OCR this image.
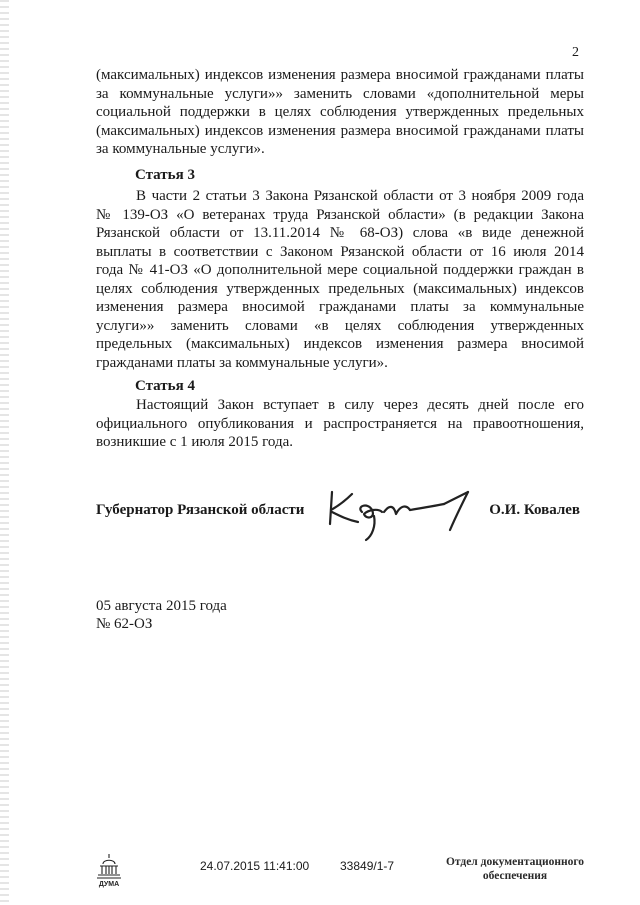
2
(максимальных) индексов изменения размера вносимой гражданами платы
за коммунальные услуги»» заменить словами «дополнительной меры
социальной поддержки в целях соблюдения утвержденных предельных
(максимальных) индексов изменения размера вносимой гражданами платы
за коммунальные услуги».
Статья 3
В части 2 статьи 3 Закона Рязанской области от 3 ноября 2009 года
№ 139-ОЗ «О ветеранах труда Рязанской области» (в редакции Закона
Рязанской области от 13.11.2014 № 68-ОЗ) слова «в виде денежной
выплаты в соответствии с Законом Рязанской области от 16 июля 2014
года № 41-ОЗ «О дополнительной мере социальной поддержки граждан в
целях соблюдения утвержденных предельных (максимальных) индексов
изменения размера вносимой гражданами платы за коммунальные
услуги»» заменить словами «в целях соблюдения утвержденных
предельных (максимальных) индексов изменения размера вносимой
гражданами платы за коммунальные услуги».
Статья 4
Настоящий Закон вступает в силу через десять дней после его
официального опубликования и распространяется на правоотношения,
возникшие с 1 июля 2015 года.
Губернатор Рязанской области	О.И. Ковалев
05 августа 2015 года
№ 62-ОЗ
ДУМА
24.07.2015 11:41:00	33849/1-7	Отдел документационного
обеспечения
